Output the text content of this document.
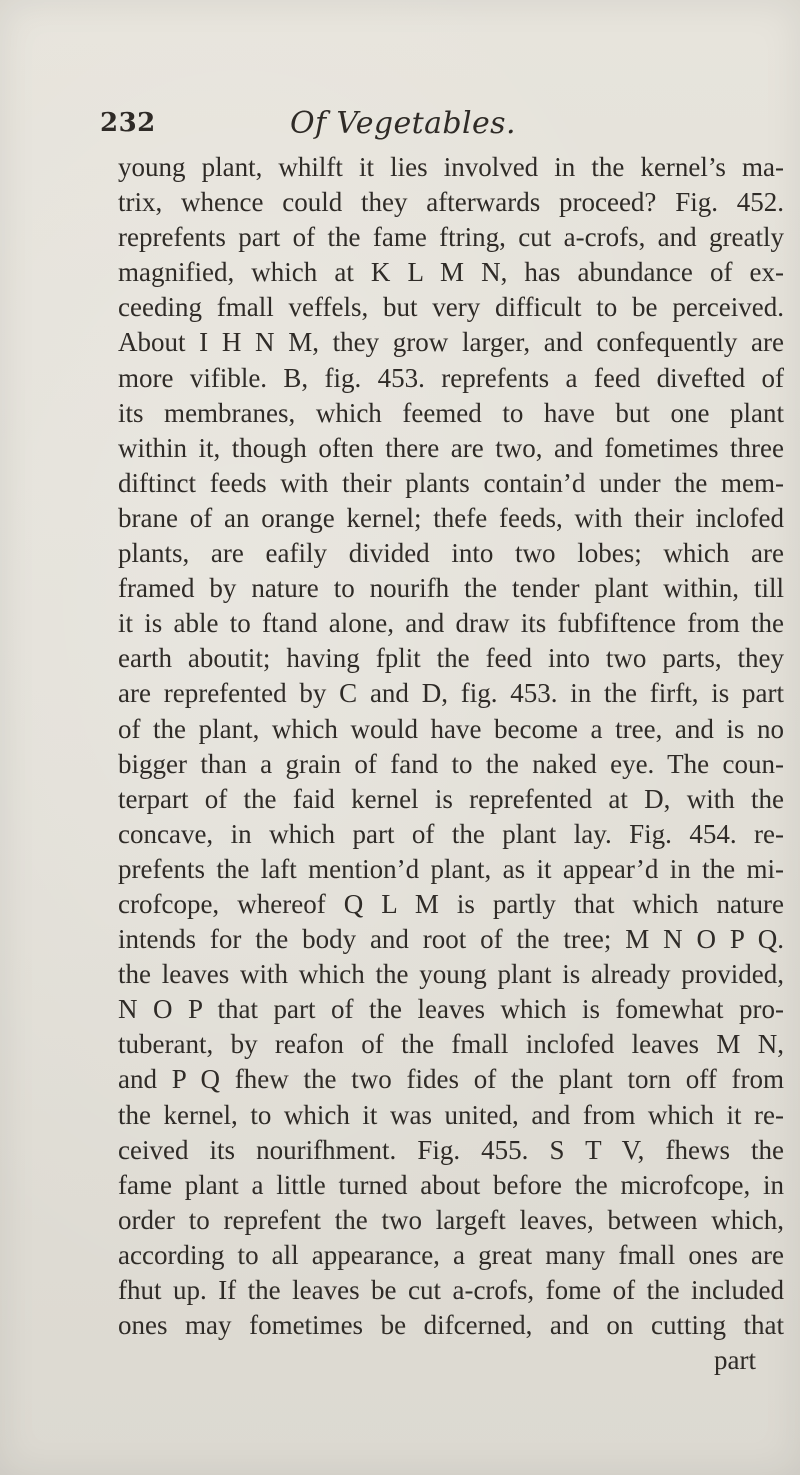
232	Of Vegetables.
young plant, whilft it lies involved in the kernel’s ma-
trix, whence could they afterwards proceed? Fig. 452.
reprefents part of the fame ftring, cut a-crofs, and greatly
magnified, which at K L M N, has abundance of ex-
ceeding fmall veffels, but very difficult to be perceived.
About I H N M, they grow larger, and confequently are
more vifible. B, fig. 453. reprefents a feed divefted of
its membranes, which feemed to have but one plant
within it, though often there are two, and fometimes three
diftinct feeds with their plants contain’d under the mem-
brane of an orange kernel; thefe feeds, with their inclofed
plants, are eafily divided into two lobes; which are
framed by nature to nourifh the tender plant within, till
it is able to ftand alone, and draw its fubfiftence from the
earth aboutit; having fplit the feed into two parts, they
are reprefented by C and D, fig. 453. in the firft, is part
of the plant, which would have become a tree, and is no
bigger than a grain of fand to the naked eye. The coun-
terpart of the faid kernel is reprefented at D, with the
concave, in which part of the plant lay. Fig. 454. re-
prefents the laft mention’d plant, as it appear’d in the mi-
crofcope, whereof Q L M is partly that which nature
intends for the body and root of the tree; M N O P Q.
the leaves with which the young plant is already provided,
N O P that part of the leaves which is fomewhat pro-
tuberant, by reafon of the fmall inclofed leaves M N,
and P Q fhew the two fides of the plant torn off from
the kernel, to which it was united, and from which it re-
ceived its nourifhment. Fig. 455. S T V, fhews the
fame plant a little turned about before the microfcope, in
order to reprefent the two largeft leaves, between which,
according to all appearance, a great many fmall ones are
fhut up. If the leaves be cut a-crofs, fome of the included
ones may fometimes be difcerned, and on cutting that
part
